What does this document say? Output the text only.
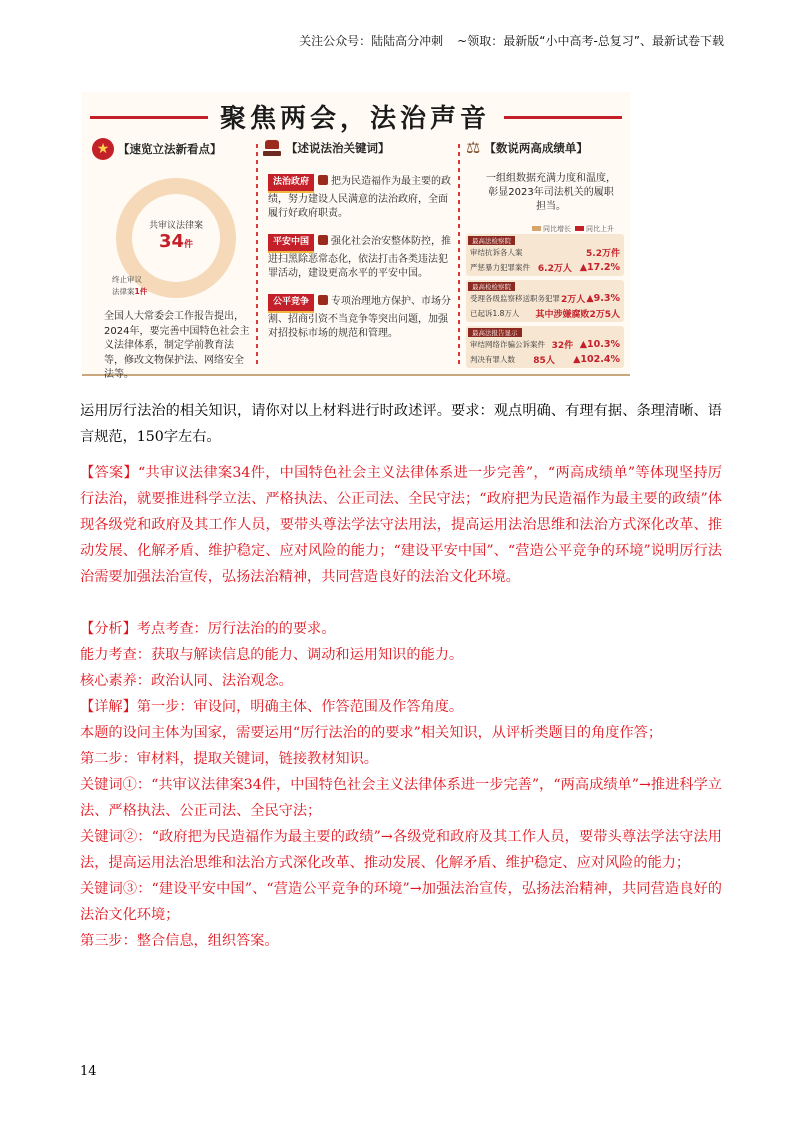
关注公众号：陆陆高分冲刺 ~领取：最新版“小中高考-总复习”、最新试卷下载
聚焦两会，法治声音
★ 【速览立法新看点】
共审议法律案
34件
终止审议
法律案1件
全国人大常委会工作报告提出，2024年，要完善中国特色社会主义法律体系，制定学前教育法等，修改文物保护法、网络安全法等。
【述说法治关键词】
法治政府 把为民造福作为最主要的政绩，努力建设人民满意的法治政府，全面履行好政府职责。
平安中国 强化社会治安整体防控，推进扫黑除恶常态化，依法打击各类违法犯罪活动，建设更高水平的平安中国。
公平竞争 专项治理地方保护、市场分割、招商引资不当竞争等突出问题，加强对招投标市场的规范和管理。
⚖ 【数说两高成绩单】
一组组数据充满力度和温度，彰显2023年司法机关的履职担当。
同比增长 同比上升
最高法检察院
审结抗诉各人案	5.2万件
严惩暴力犯罪案件 6.2万人 ▲17.2%
最高检检察院
受理各级监察移送职务犯罪 2万人 ▲9.3%
已起诉1.8万人 其中涉嫌腐败2万5人
最高法报告显示
审结网络诈骗公诉案件 32件 ▲10.3%
判决有罪人数 85人 ▲102.4%

运用厉行法治的相关知识，请你对以上材料进行时政述评。要求：观点明确、有理有据、条理清晰、语言规范，150字左右。

【答案】“共审议法律案34件，中国特色社会主义法律体系进一步完善”，“两高成绩单”等体现坚持厉行法治，就要推进科学立法、严格执法、公正司法、全民守法；“政府把为民造福作为最主要的政绩”体现各级党和政府及其工作人员，要带头尊法学法守法用法，提高运用法治思维和法治方式深化改革、推动发展、化解矛盾、维护稳定、应对风险的能力；“建设平安中国”、“营造公平竞争的环境”说明厉行法治需要加强法治宣传，弘扬法治精神，共同营造良好的法治文化环境。

【分析】考点考查：厉行法治的的要求。

能力考查：获取与解读信息的能力、调动和运用知识的能力。

核心素养：政治认同、法治观念。

【详解】第一步：审设问，明确主体、作答范围及作答角度。

本题的设问主体为国家，需要运用“厉行法治的的要求”相关知识，从评析类题目的角度作答；

第二步：审材料，提取关键词，链接教材知识。

关键词①：“共审议法律案34件，中国特色社会主义法律体系进一步完善”，“两高成绩单”→推进科学立法、严格执法、公正司法、全民守法；

关键词②：“政府把为民造福作为最主要的政绩”→各级党和政府及其工作人员，要带头尊法学法守法用法，提高运用法治思维和法治方式深化改革、推动发展、化解矛盾、维护稳定、应对风险的能力；

关键词③：“建设平安中国”、“营造公平竞争的环境”→加强法治宣传，弘扬法治精神，共同营造良好的法治文化环境；

第三步：整合信息，组织答案。

14
